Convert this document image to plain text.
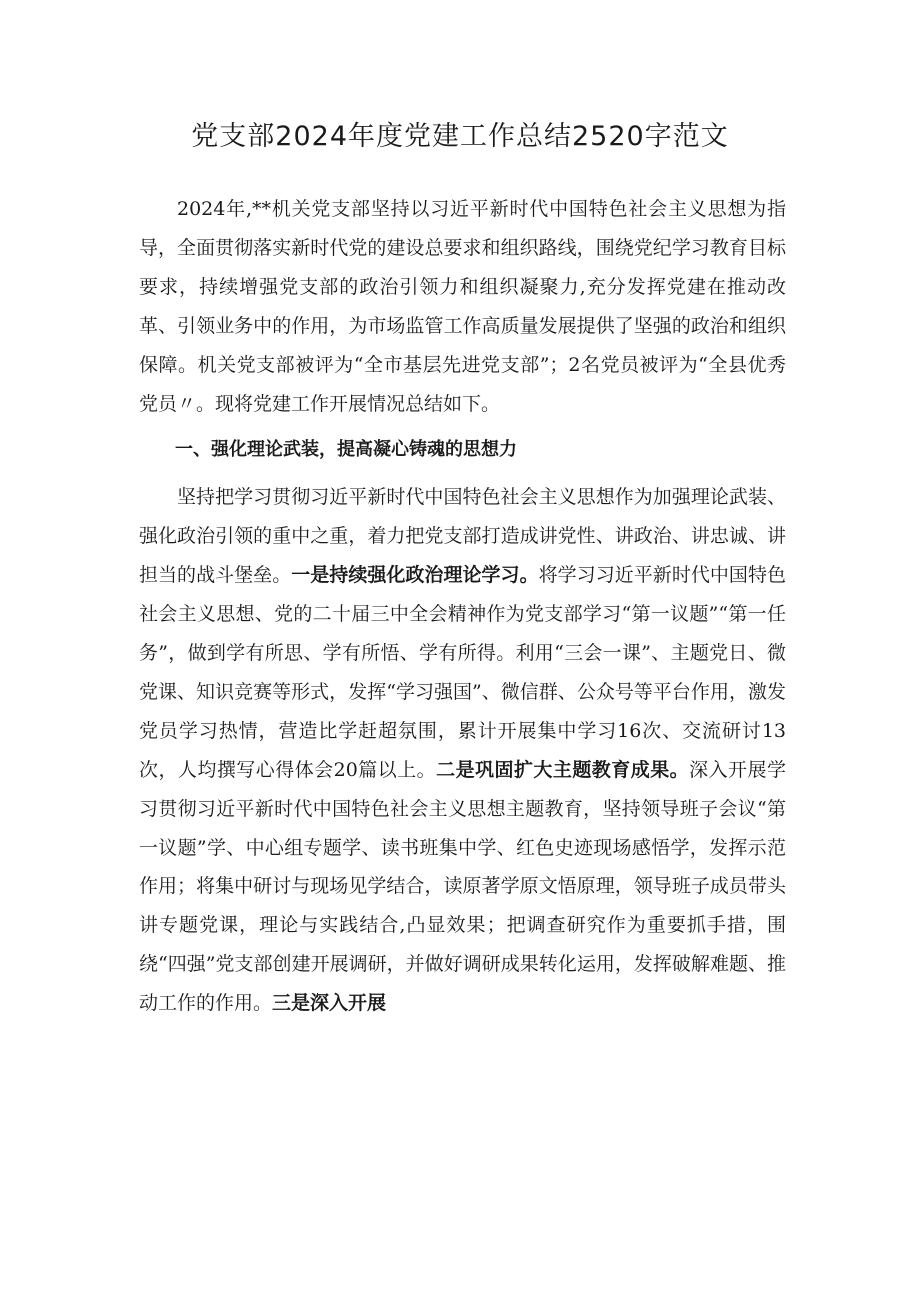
党支部2024年度党建工作总结2520字范文

2024年,**机关党支部坚持以习近平新时代中国特色社会主义思想为指导，全面贯彻落实新时代党的建设总要求和组织路线，围绕党纪学习教育目标要求，持续增强党支部的政治引领力和组织凝聚力,充分发挥党建在推动改革、引领业务中的作用，为市场监管工作高质量发展提供了坚强的政治和组织保障。机关党支部被评为“全市基层先进党支部”；2名党员被评为“全县优秀党员〃。现将党建工作开展情况总结如下。

一、强化理论武装，提高凝心铸魂的思想力

坚持把学习贯彻习近平新时代中国特色社会主义思想作为加强理论武装、强化政治引领的重中之重，着力把党支部打造成讲党性、讲政治、讲忠诚、讲担当的战斗堡垒。一是持续强化政治理论学习。将学习习近平新时代中国特色社会主义思想、党的二十届三中全会精神作为党支部学习“第一议题”“第一任务”，做到学有所思、学有所悟、学有所得。利用“三会一课”、主题党日、微党课、知识竞赛等形式，发挥“学习强国”、微信群、公众号等平台作用，激发党员学习热情，营造比学赶超氛围，累计开展集中学习16次、交流研讨13次，人均撰写心得体会20篇以上。二是巩固扩大主题教育成果。深入开展学习贯彻习近平新时代中国特色社会主义思想主题教育，坚持领导班子会议“第一议题”学、中心组专题学、读书班集中学、红色史迹现场感悟学，发挥示范作用；将集中研讨与现场见学结合，读原著学原文悟原理，领导班子成员带头讲专题党课，理论与实践结合,凸显效果；把调查研究作为重要抓手措，围绕“四强”党支部创建开展调研，并做好调研成果转化运用，发挥破解难题、推动工作的作用。三是深入开展
